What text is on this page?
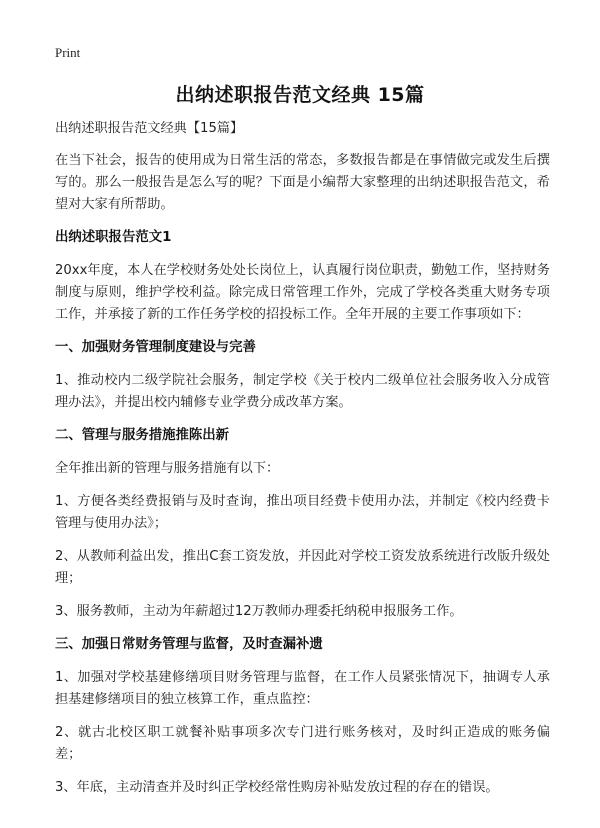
Print
出纳述职报告范文经典 15篇

出纳述职报告范文经典【15篇】

在当下社会，报告的使用成为日常生活的常态，多数报告都是在事情做完或发生后撰写的。那么一般报告是怎么写的呢？下面是小编帮大家整理的出纳述职报告范文，希望对大家有所帮助。

出纳述职报告范文1

20xx年度，本人在学校财务处处长岗位上，认真履行岗位职责，勤勉工作，坚持财务制度与原则，维护学校利益。除完成日常管理工作外，完成了学校各类重大财务专项工作，并承接了新的工作任务学校的招投标工作。全年开展的主要工作事项如下：

一、加强财务管理制度建设与完善

1、推动校内二级学院社会服务，制定学校《关于校内二级单位社会服务收入分成管理办法》，并提出校内辅修专业学费分成改革方案。

二、管理与服务措施推陈出新

全年推出新的管理与服务措施有以下：

1、方便各类经费报销与及时查询，推出项目经费卡使用办法，并制定《校内经费卡管理与使用办法》；

2、从教师利益出发，推出C套工资发放，并因此对学校工资发放系统进行改版升级处理；

3、服务教师，主动为年薪超过12万教师办理委托纳税申报服务工作。

三、加强日常财务管理与监督，及时查漏补遗

1、加强对学校基建修缮项目财务管理与监督，在工作人员紧张情况下，抽调专人承担基建修缮项目的独立核算工作，重点监控：

2、就古北校区职工就餐补贴事项多次专门进行账务核对，及时纠正造成的账务偏差；

3、年底，主动清查并及时纠正学校经常性购房补贴发放过程的存在的错误。
